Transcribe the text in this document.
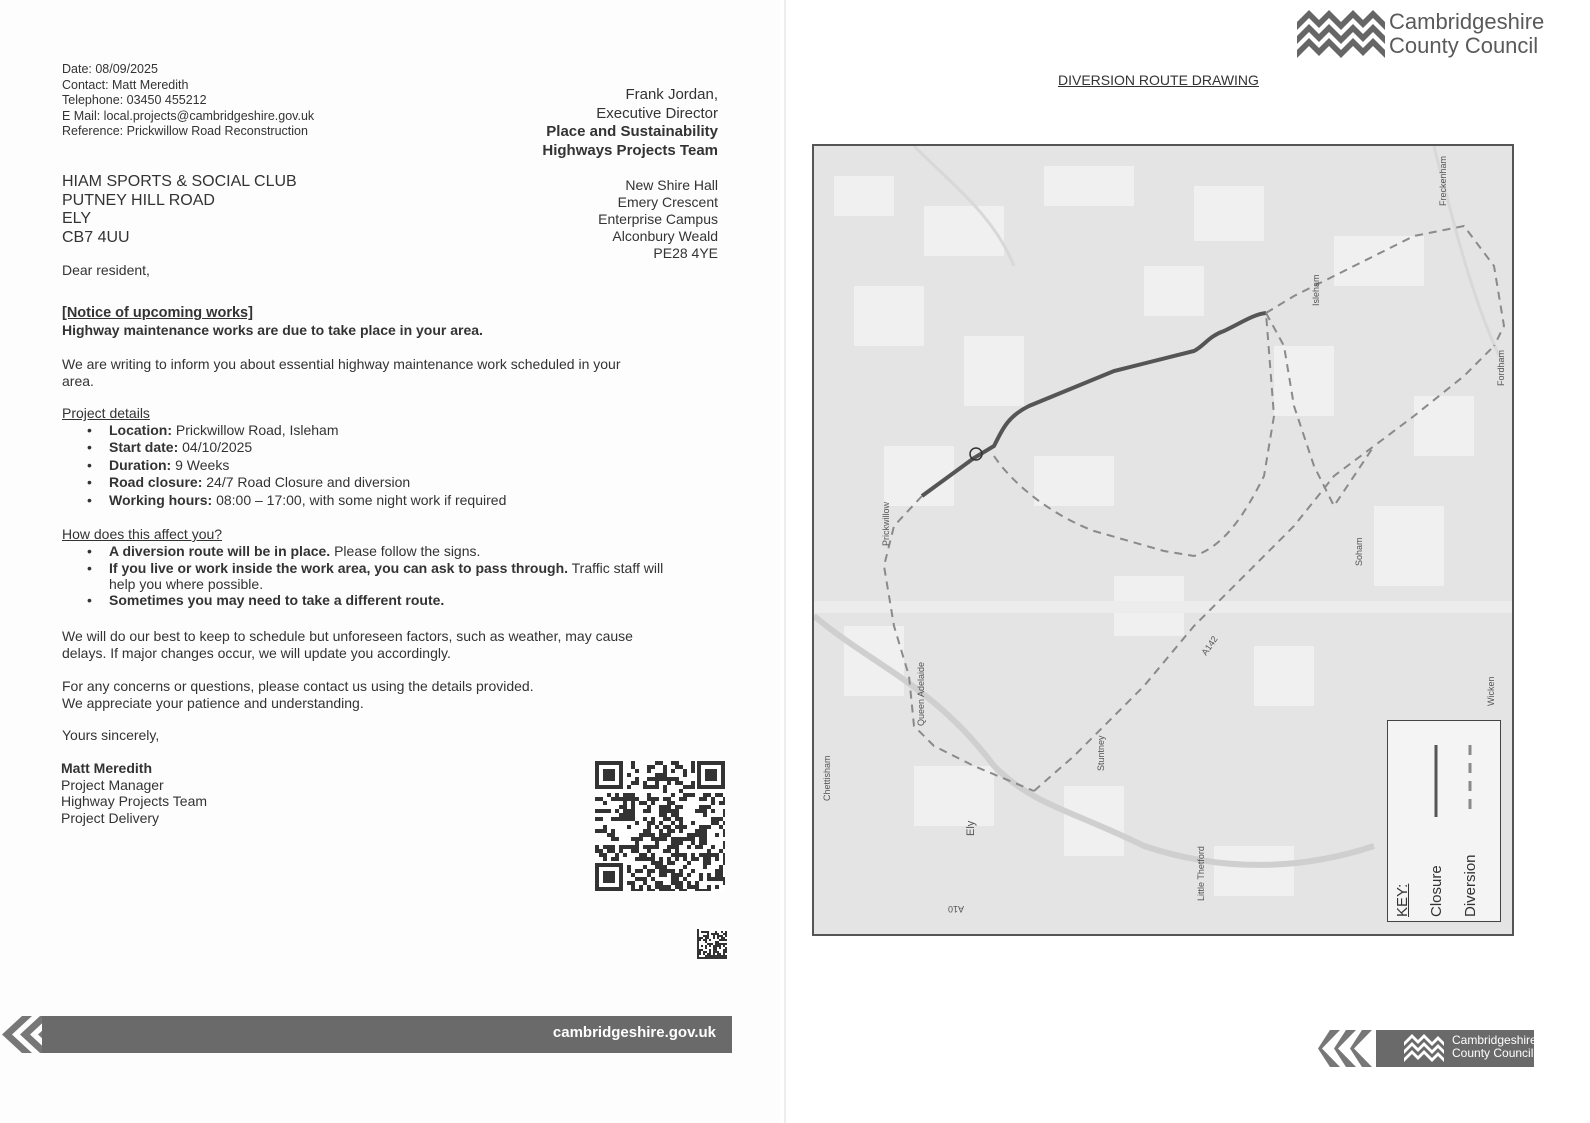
Date: 08/09/2025
Contact: Matt Meredith
Telephone: 03450 455212
E Mail: local.projects@cambridgeshire.gov.uk
Reference: Prickwillow Road Reconstruction
Frank Jordan,
Executive Director
Place and Sustainability
Highways Projects Team
New Shire Hall
Emery Crescent
Enterprise Campus
Alconbury Weald
PE28 4YE
HIAM SPORTS & SOCIAL CLUB
PUTNEY HILL ROAD
ELY
CB7 4UU
Dear resident,
[Notice of upcoming works]
Highway maintenance works are due to take place in your area.
We are writing to inform you about essential highway maintenance work scheduled in your area.
Project details
• Location: Prickwillow Road, Isleham
• Start date: 04/10/2025
• Duration: 9 Weeks
• Road closure: 24/7 Road Closure and diversion
• Working hours: 08:00 – 17:00, with some night work if required
How does this affect you?
• A diversion route will be in place. Please follow the signs.
• If you live or work inside the work area, you can ask to pass through. Traffic staff will help you where possible.
• Sometimes you may need to take a different route.
We will do our best to keep to schedule but unforeseen factors, such as weather, may cause delays. If major changes occur, we will update you accordingly.
For any concerns or questions, please contact us using the details provided.
We appreciate your patience and understanding.
Yours sincerely,
Matt Meredith
Project Manager
Highway Projects Team
Project Delivery
cambridgeshire.gov.uk
Cambridgeshire
County Council
DIVERSION ROUTE DRAWING
Fordham
Isleham
Soham
Prickwillow
Queen Adelaide
Stuntney
Ely
Little Thetford
Chettisham
Wicken
Freckenham
A142
A10	KEY: Closure Diversion
Cambridgeshire
County Council
